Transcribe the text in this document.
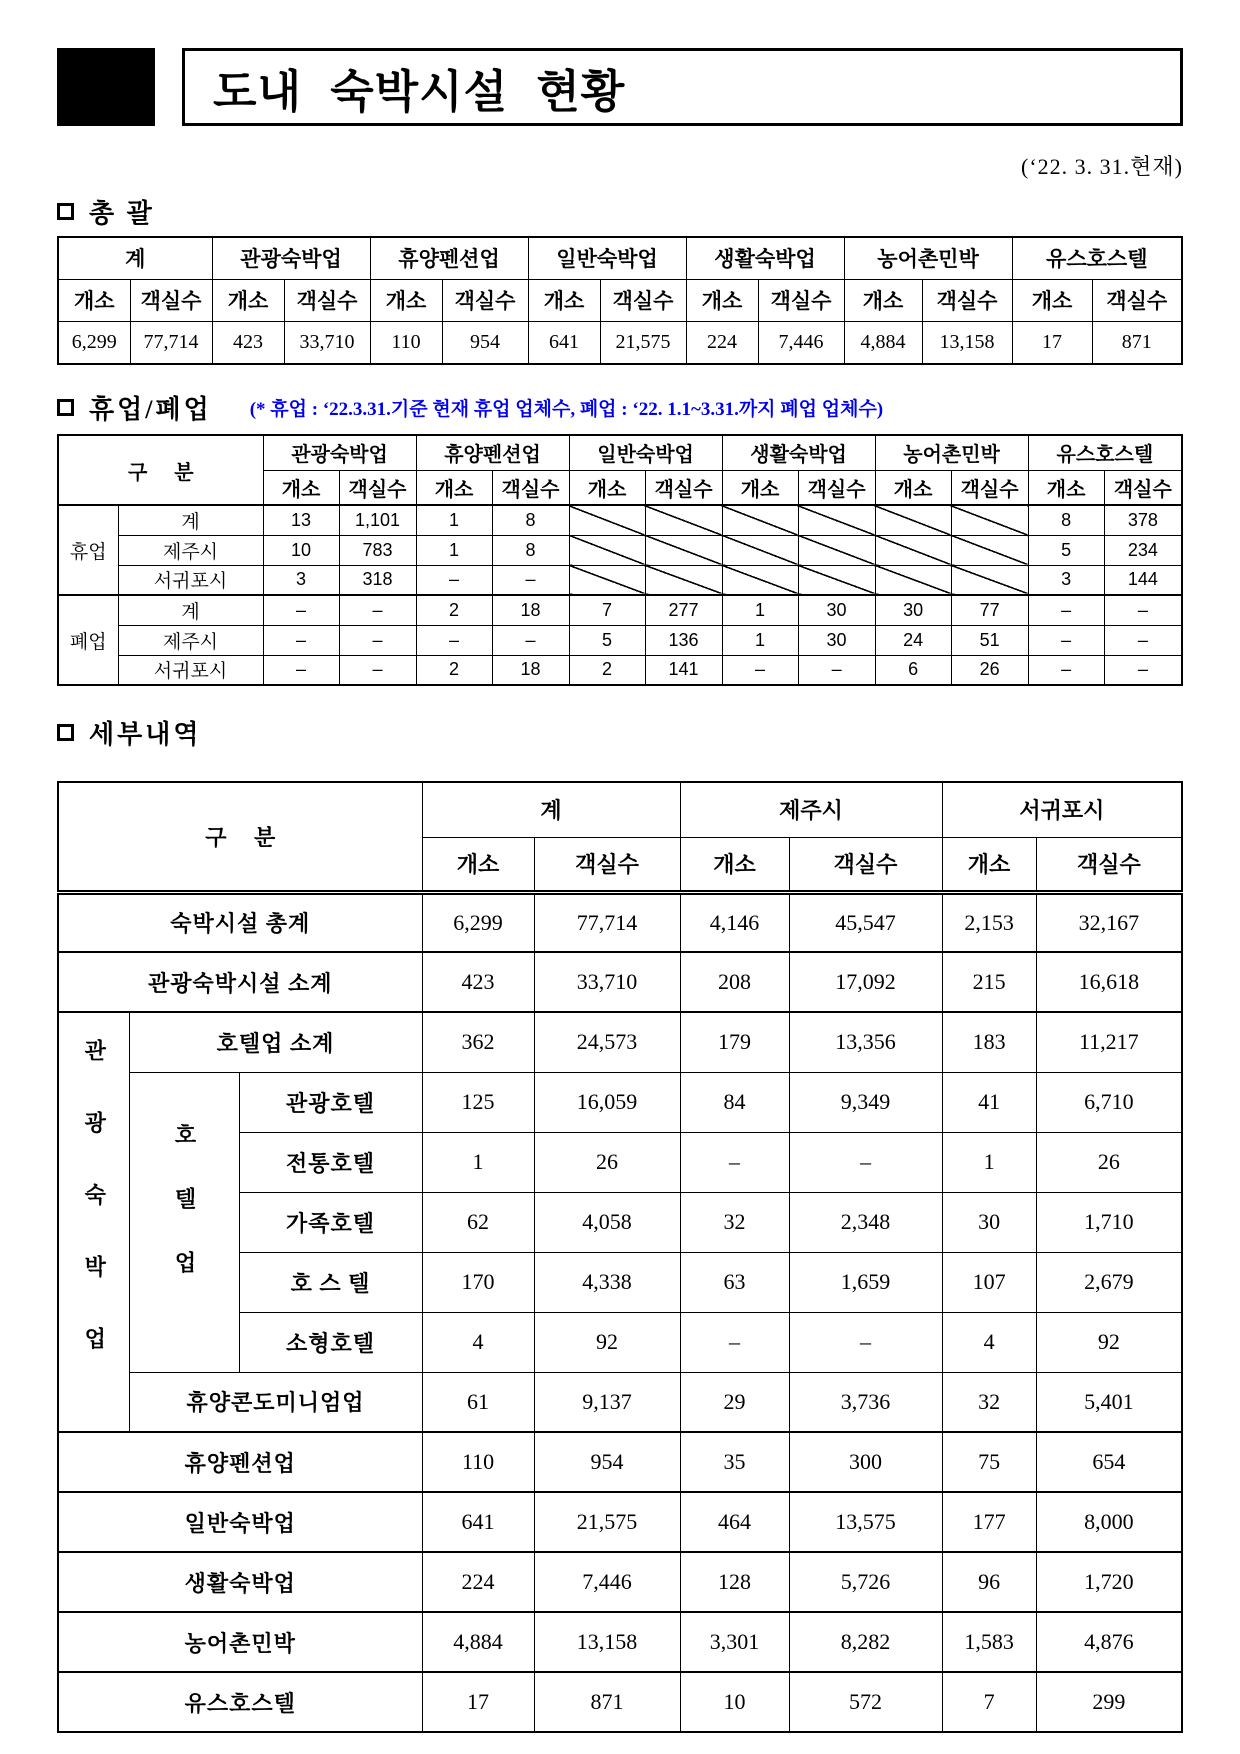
도내 숙박시설 현황
(‘22. 3. 31.현재)
총 괄
계		관광숙박업		휴양펜션업		일반숙박업		생활숙박업		농어촌민박		유스호스텔	
개소	객실수	개소	객실수	개소	객실수	개소	객실수	개소	객실수	개소	객실수	개소	객실수
6,299	77,714	423	33,710	110	954	641	21,575	224	7,446	4,884	13,158	17	871
휴업/폐업 (* 휴업 : ‘22.3.31.기준 현재 휴업 업체수, 폐업 : ‘22. 1.1~3.31.까지 폐업 업체수)
구 분		관광숙박업		휴양펜션업		일반숙박업		생활숙박업		농어촌민박		유스호스텔	
		개소	객실수	개소	객실수	개소	객실수	개소	객실수	개소	객실수	개소	객실수
휴업	계	13	1,101	1	8							8	378
	제주시	10	783	1	8							5	234
	서귀포시	3	318	–	–							3	144
폐업	계	–	–	2	18	7	277	1	30	30	77	–	–
	제주시	–	–	–	–	5	136	1	30	24	51	–	–
	서귀포시	–	–	2	18	2	141	–	–	6	26	–	–
세부내역
구 분			계		제주시		서귀포시	
			개소	객실수	개소	객실수	개소	객실수
숙박시설 총계			6,299	77,714	4,146	45,547	2,153	32,167
관광숙박시설 소계			423	33,710	208	17,092	215	16,618
관광숙박업	호텔업 소계		362	24,573	179	13,356	183	11,217
	호텔업	관광호텔	125	16,059	84	9,349	41	6,710
		전통호텔	1	26	–	–	1	26
		가족호텔	62	4,058	32	2,348	30	1,710
		호 스 텔	170	4,338	63	1,659	107	2,679
		소형호텔	4	92	–	–	4	92
	휴양콘도미니엄업		61	9,137	29	3,736	32	5,401
휴양펜션업			110	954	35	300	75	654
일반숙박업			641	21,575	464	13,575	177	8,000
생활숙박업			224	7,446	128	5,726	96	1,720
농어촌민박			4,884	13,158	3,301	8,282	1,583	4,876
유스호스텔			17	871	10	572	7	299
